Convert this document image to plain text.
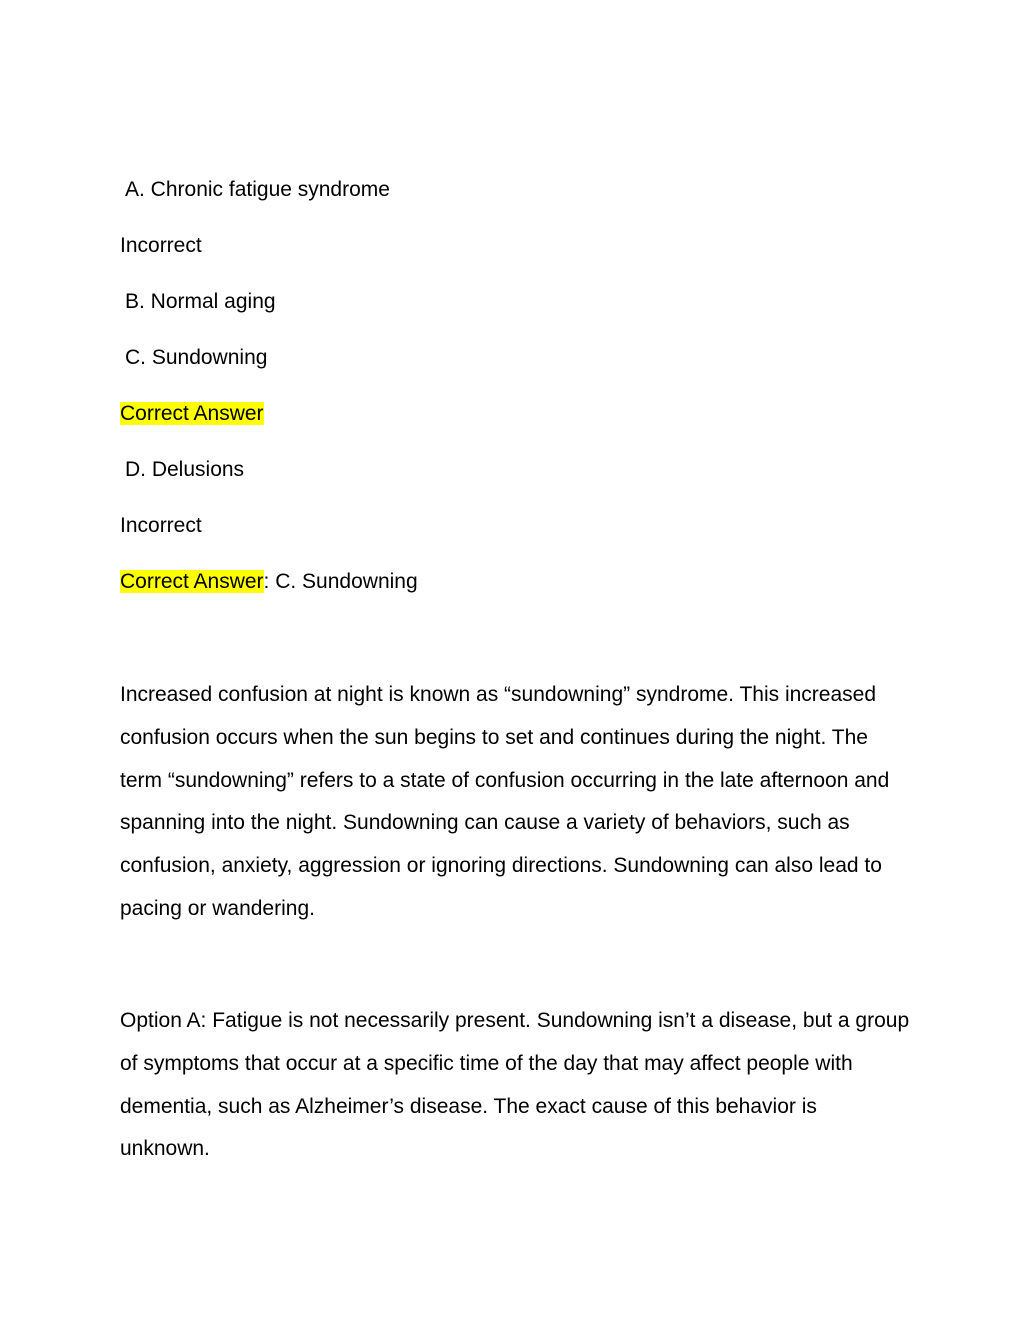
A. Chronic fatigue syndrome
Incorrect
B. Normal aging
C. Sundowning
Correct Answer
D. Delusions
Incorrect
Correct Answer: C. Sundowning

Increased confusion at night is known as “sundowning” syndrome. This increased confusion occurs when the sun begins to set and continues during the night. The term “sundowning” refers to a state of confusion occurring in the late afternoon and spanning into the night. Sundowning can cause a variety of behaviors, such as confusion, anxiety, aggression or ignoring directions. Sundowning can also lead to pacing or wandering.

Option A: Fatigue is not necessarily present. Sundowning isn’t a disease, but a group of symptoms that occur at a specific time of the day that may affect people with dementia, such as Alzheimer’s disease. The exact cause of this behavior is unknown.
